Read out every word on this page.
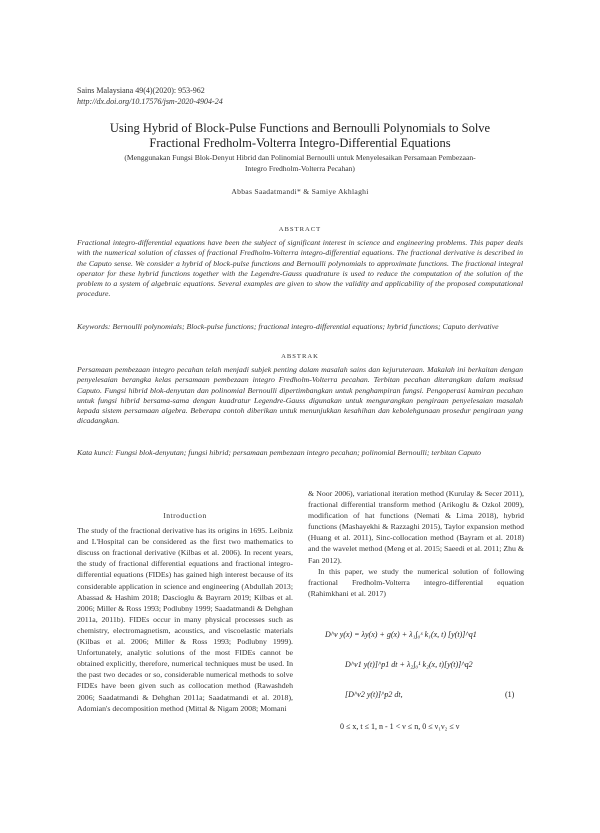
Sains Malaysiana 49(4)(2020): 953-962
http://dx.doi.org/10.17576/jsm-2020-4904-24
Using Hybrid of Block-Pulse Functions and Bernoulli Polynomials to Solve
Fractional Fredholm-Volterra Integro-Differential Equations
(Menggunakan Fungsi Blok-Denyut Hibrid dan Polinomial Bernoulli untuk Menyelesaikan Persamaan Pembezaan-
Integro Fredholm-Volterra Pecahan)
Abbas Saadatmandi* & Samiye Akhlaghi
ABSTRACT
Fractional integro-differential equations have been the subject of significant interest in science and engineering problems. This paper deals with the numerical solution of classes of fractional Fredholm-Volterra integro-differential equations. The fractional derivative is described in the Caputo sense. We consider a hybrid of block-pulse functions and Bernoulli polynomials to approximate functions. The fractional integral operator for these hybrid functions together with the Legendre-Gauss quadrature is used to reduce the computation of the solution of the problem to a system of algebraic equations. Several examples are given to show the validity and applicability of the proposed computational procedure.
Keywords: Bernoulli polynomials; Block-pulse functions; fractional integro-differential equations; hybrid functions; Caputo derivative
ABSTRAK
Persamaan pembezaan integro pecahan telah menjadi subjek penting dalam masalah sains dan kejuruteraan. Makalah ini berkaitan dengan penyelesaian berangka kelas persamaan pembezaan integro Fredholm-Volterra pecahan. Terbitan pecahan diterangkan dalam maksud Caputo. Fungsi hibrid blok-denyutan dan polinomial Bernoulli dipertimbangkan untuk penghampiran fungsi. Pengoperasi kamiran pecahan untuk fungsi hibrid bersama-sama dengan kuadratur Legendre-Gauss digunakan untuk mengurangkan pengiraan penyelesaian masalah kepada sistem persamaan algebra. Beberapa contoh diberikan untuk menunjukkan kesahihan dan kebolehgunaan prosedur pengiraan yang dicadangkan.
Kata kunci: Fungsi blok-denyutan; fungsi hibrid; persamaan pembezaan integro pecahan; polinomial Bernoulli; terbitan Caputo
Introduction

The study of the fractional derivative has its origins in 1695. Leibniz and L'Hospital can be considered as the first two mathematics to discuss on fractional derivative (Kilbas et al. 2006). In recent years, the study of fractional differential equations and fractional integro-differential equations (FIDEs) has gained high interest because of its considerable application in science and engineering (Abdullah 2013; Abassad & Hashim 2018; Dascioglu & Bayrarn 2019; Kilbas et al. 2006; Miller & Ross 1993; Podlubny 1999; Saadatmandi & Dehghan 2011a, 2011b). FIDEs occur in many physical processes such as chemistry, electromagnetism, acoustics, and viscoelastic materials (Kilbas et al. 2006; Miller & Ross 1993; Podlubny 1999). Unfortunately, analytic solutions of the most FIDEs cannot be obtained explicitly, therefore, numerical techniques must be used. In the past two decades or so, considerable numerical methods to solve FIDEs have been given such as collocation method (Rawashdeh 2006; Saadatmandi & Dehghan 2011a; Saadatmandi et al. 2018), Adomian's decomposition method (Mittal & Nigam 2008; Momani

& Noor 2006), variational iteration method (Kurulay & Secer 2011), fractional differential transform method (Arikoglu & Ozkol 2009), modification of hat functions (Nemati & Lima 2018), hybrid functions (Mashayekhi & Razzaghi 2015), Taylor expansion method (Huang et al. 2011), Sinc-collocation method (Bayram et al. 2018) and the wavelet method (Meng et al. 2015; Saeedi et al. 2011; Zhu & Fan 2012).

In this paper, we study the numerical solution of following fractional Fredholm-Volterra integro-differential equation (Rahimkhani et al. 2017)

D^ν y(x) = λy(x) + g(x) + λ₁∫₀ˣ k₁(x, t) [y(t)]^q1
D^ν1 y(t)]^p1 dt + λ₂∫₀¹ k₂(x, t)[y(t)]^q2
[D^ν2 y(t)]^p2 dt,	(1)
0 ≤ x, t ≤ 1, n - 1 < ν ≤ n, 0 ≤ ν₁ν₂ ≤ ν
